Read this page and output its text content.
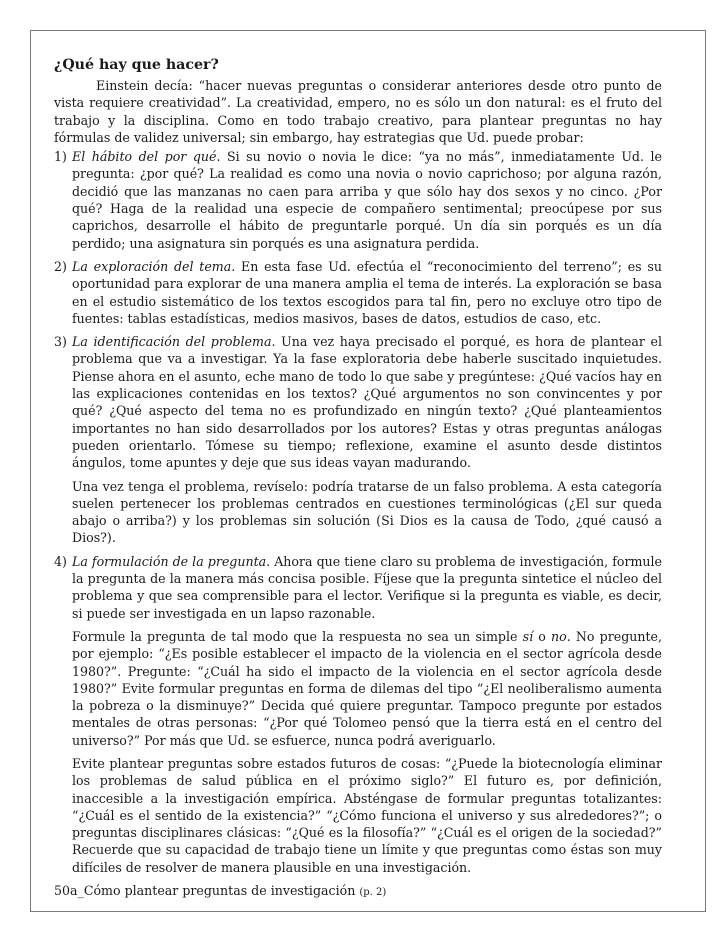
¿Qué hay que hacer?

Einstein decía: “hacer nuevas preguntas o considerar anteriores desde otro punto de vista requiere creatividad”. La creatividad, empero, no es sólo un don natural: es el fruto del trabajo y la disciplina. Como en todo trabajo creativo, para plantear preguntas no hay fórmulas de validez universal; sin embargo, hay estrategias que Ud. puede probar:

1) El hábito del por qué. Si su novio o novia le dice: “ya no más”, inmediatamente Ud. le pregunta: ¿por qué? La realidad es como una novia o novio caprichoso; por alguna razón, decidió que las manzanas no caen para arriba y que sólo hay dos sexos y no cinco. ¿Por qué? Haga de la realidad una especie de compañero sentimental; preocúpese por sus caprichos, desarrolle el hábito de preguntarle porqué. Un día sin porqués es un día perdido; una asignatura sin porqués es una asignatura perdida.

2) La exploración del tema. En esta fase Ud. efectúa el “reconocimiento del terreno”; es su oportunidad para explorar de una manera amplia el tema de interés. La exploración se basa en el estudio sistemático de los textos escogidos para tal fin, pero no excluye otro tipo de fuentes: tablas estadísticas, medios masivos, bases de datos, estudios de caso, etc.

3) La identificación del problema. Una vez haya precisado el porqué, es hora de plantear el problema que va a investigar. Ya la fase exploratoria debe haberle suscitado inquietudes. Piense ahora en el asunto, eche mano de todo lo que sabe y pregúntese: ¿Qué vacíos hay en las explicaciones contenidas en los textos? ¿Qué argumentos no son convincentes y por qué? ¿Qué aspecto del tema no es profundizado en ningún texto? ¿Qué planteamientos importantes no han sido desarrollados por los autores? Estas y otras preguntas análogas pueden orientarlo. Tómese su tiempo; reflexione, examine el asunto desde distintos ángulos, tome apuntes y deje que sus ideas vayan madurando.

Una vez tenga el problema, revíselo: podría tratarse de un falso problema. A esta categoría suelen pertenecer los problemas centrados en cuestiones terminológicas (¿El sur queda abajo o arriba?) y los problemas sin solución (Si Dios es la causa de Todo, ¿qué causó a Dios?).

4) La formulación de la pregunta. Ahora que tiene claro su problema de investigación, formule la pregunta de la manera más concisa posible. Fíjese que la pregunta sintetice el núcleo del problema y que sea comprensible para el lector. Verifique si la pregunta es viable, es decir, si puede ser investigada en un lapso razonable.

Formule la pregunta de tal modo que la respuesta no sea un simple sí o no. No pregunte, por ejemplo: “¿Es posible establecer el impacto de la violencia en el sector agrícola desde 1980?”. Pregunte: “¿Cuál ha sido el impacto de la violencia en el sector agrícola desde 1980?” Evite formular preguntas en forma de dilemas del tipo “¿El neoliberalismo aumenta la pobreza o la disminuye?” Decida qué quiere preguntar. Tampoco pregunte por estados mentales de otras personas: “¿Por qué Tolomeo pensó que la tierra está en el centro del universo?” Por más que Ud. se esfuerce, nunca podrá averiguarlo.

Evite plantear preguntas sobre estados futuros de cosas: “¿Puede la biotecnología eliminar los problemas de salud pública en el próximo siglo?” El futuro es, por definición, inaccesible a la investigación empírica. Absténgase de formular preguntas totalizantes: “¿Cuál es el sentido de la existencia?” “¿Cómo funciona el universo y sus alrededores?”; o preguntas disciplinares clásicas: “¿Qué es la filosofía?” “¿Cuál es el origen de la sociedad?” Recuerde que su capacidad de trabajo tiene un límite y que preguntas como éstas son muy difíciles de resolver de manera plausible en una investigación.

50a_Cómo plantear preguntas de investigación (p. 2)
